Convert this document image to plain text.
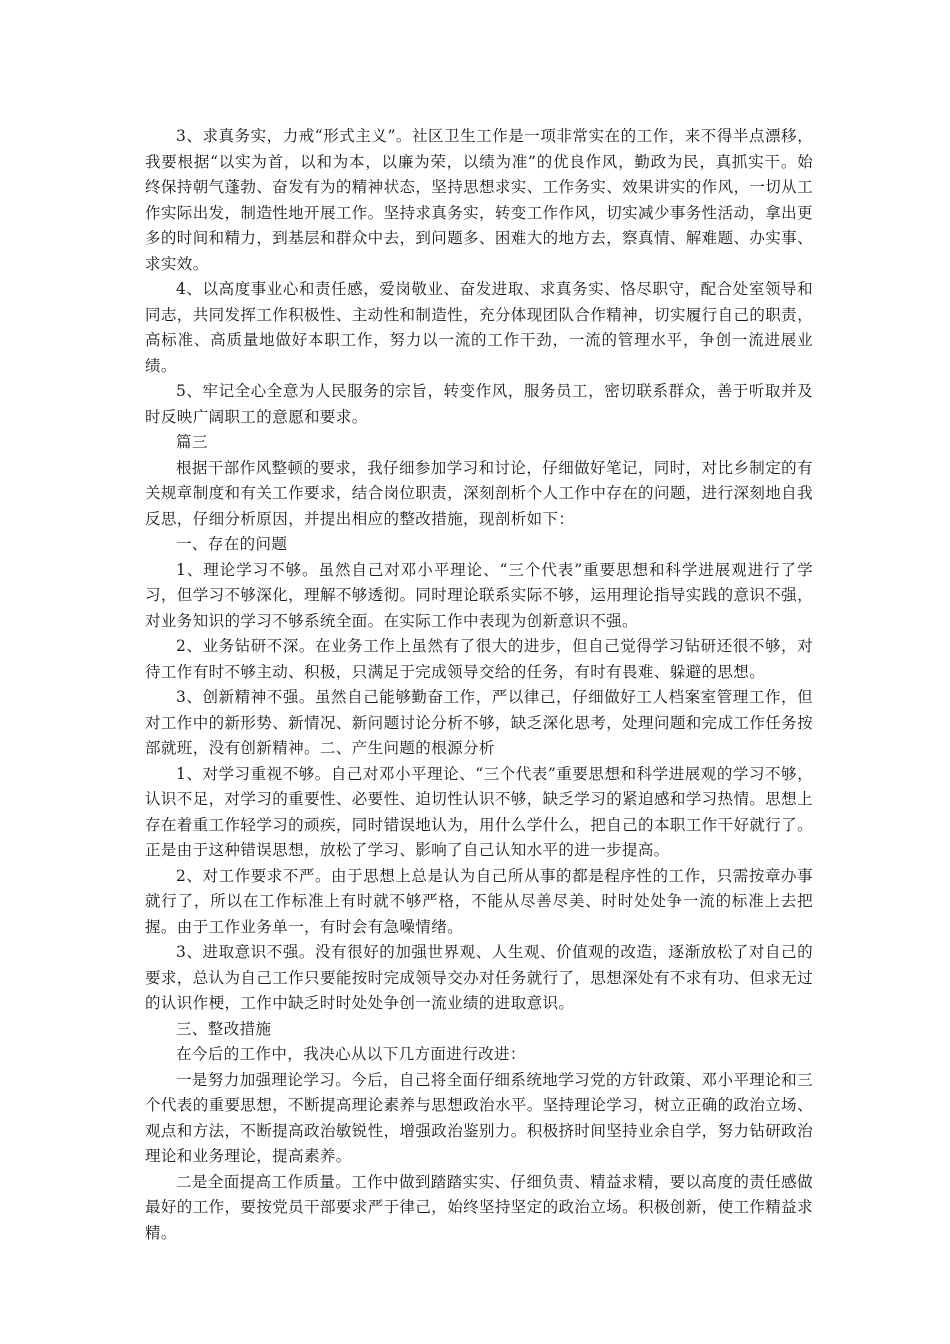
3、求真务实，力戒“形式主义”。社区卫生工作是一项非常实在的工作，来不得半点漂移，我要根据“以实为首，以和为本，以廉为荣，以绩为准”的优良作风，勤政为民，真抓实干。始终保持朝气蓬勃、奋发有为的精神状态，坚持思想求实、工作务实、效果讲实的作风，一切从工作实际出发，制造性地开展工作。坚持求真务实，转变工作作风，切实减少事务性活动，拿出更多的时间和精力，到基层和群众中去，到问题多、困难大的地方去，察真情、解难题、办实事、求实效。

4、以高度事业心和责任感，爱岗敬业、奋发进取、求真务实、恪尽职守，配合处室领导和同志，共同发挥工作积极性、主动性和制造性，充分体现团队合作精神，切实履行自己的职责，高标准、高质量地做好本职工作，努力以一流的工作干劲，一流的管理水平，争创一流进展业绩。

5、牢记全心全意为人民服务的宗旨，转变作风，服务员工，密切联系群众，善于听取并及时反映广阔职工的意愿和要求。

篇三

根据干部作风整顿的要求，我仔细参加学习和讨论，仔细做好笔记，同时，对比乡制定的有关规章制度和有关工作要求，结合岗位职责，深刻剖析个人工作中存在的问题，进行深刻地自我反思，仔细分析原因，并提出相应的整改措施，现剖析如下：

一、存在的问题

1、理论学习不够。虽然自己对邓小平理论、“三个代表”重要思想和科学进展观进行了学习，但学习不够深化，理解不够透彻。同时理论联系实际不够，运用理论指导实践的意识不强，对业务知识的学习不够系统全面。在实际工作中表现为创新意识不强。

2、业务钻研不深。在业务工作上虽然有了很大的进步，但自己觉得学习钻研还很不够，对待工作有时不够主动、积极，只满足于完成领导交给的任务，有时有畏难、躲避的思想。

3、创新精神不强。虽然自己能够勤奋工作，严以律己，仔细做好工人档案室管理工作，但对工作中的新形势、新情况、新问题讨论分析不够，缺乏深化思考，处理问题和完成工作任务按部就班，没有创新精神。二、产生问题的根源分析

1、对学习重视不够。自己对邓小平理论、“三个代表”重要思想和科学进展观的学习不够，认识不足，对学习的重要性、必要性、迫切性认识不够，缺乏学习的紧迫感和学习热情。思想上存在着重工作轻学习的顽疾，同时错误地认为，用什么学什么，把自己的本职工作干好就行了。正是由于这种错误思想，放松了学习、影响了自己认知水平的进一步提高。

2、对工作要求不严。由于思想上总是认为自己所从事的都是程序性的工作，只需按章办事就行了，所以在工作标准上有时就不够严格，不能从尽善尽美、时时处处争一流的标准上去把握。由于工作业务单一，有时会有急噪情绪。

3、进取意识不强。没有很好的加强世界观、人生观、价值观的改造，逐渐放松了对自己的要求，总认为自己工作只要能按时完成领导交办对任务就行了，思想深处有不求有功、但求无过的认识作梗，工作中缺乏时时处处争创一流业绩的进取意识。

三、整改措施

在今后的工作中，我决心从以下几方面进行改进：

一是努力加强理论学习。今后，自己将全面仔细系统地学习党的方针政策、邓小平理论和三个代表的重要思想，不断提高理论素养与思想政治水平。坚持理论学习，树立正确的政治立场、观点和方法，不断提高政治敏锐性，增强政治鉴别力。积极挤时间坚持业余自学，努力钻研政治理论和业务理论，提高素养。

二是全面提高工作质量。工作中做到踏踏实实、仔细负责、精益求精，要以高度的责任感做最好的工作，要按党员干部要求严于律己，始终坚持坚定的政治立场。积极创新，使工作精益求精。
